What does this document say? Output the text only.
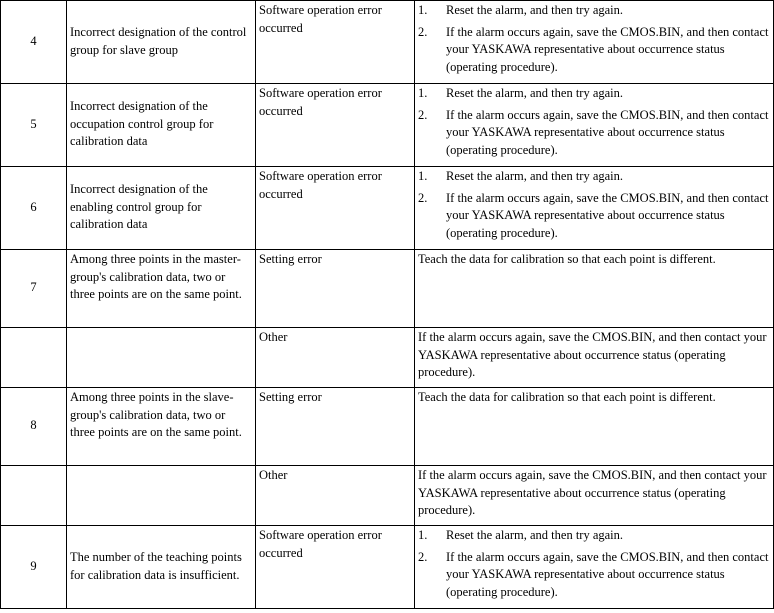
4	Incorrect designation of the control group for slave group	Software operation error occurred	1. Reset the alarm, and then try again.
2. If the alarm occurs again, save the CMOS.BIN, and then contact your YASKAWA representative about occurrence status (operating procedure).

5	Incorrect designation of the occupation control group for calibration data	Software operation error occurred	1. Reset the alarm, and then try again.
2. If the alarm occurs again, save the CMOS.BIN, and then contact your YASKAWA representative about occurrence status (operating procedure).

6	Incorrect designation of the enabling control group for calibration data	Software operation error occurred	1. Reset the alarm, and then try again.
2. If the alarm occurs again, save the CMOS.BIN, and then contact your YASKAWA representative about occurrence status (operating procedure).

7	Among three points in the master-group's calibration data, two or three points are on the same point.	Setting error	Teach the data for calibration so that each point is different.
		Other	If the alarm occurs again, save the CMOS.BIN, and then contact your YASKAWA representative about occurrence status (operating procedure).
8	Among three points in the slave-group's calibration data, two or three points are on the same point.	Setting error	Teach the data for calibration so that each point is different.
		Other	If the alarm occurs again, save the CMOS.BIN, and then contact your YASKAWA representative about occurrence status (operating procedure).
9	The number of the teaching points for calibration data is insufficient.	Software operation error occurred	1. Reset the alarm, and then try again.
2. If the alarm occurs again, save the CMOS.BIN, and then contact your YASKAWA representative about occurrence status (operating procedure).
